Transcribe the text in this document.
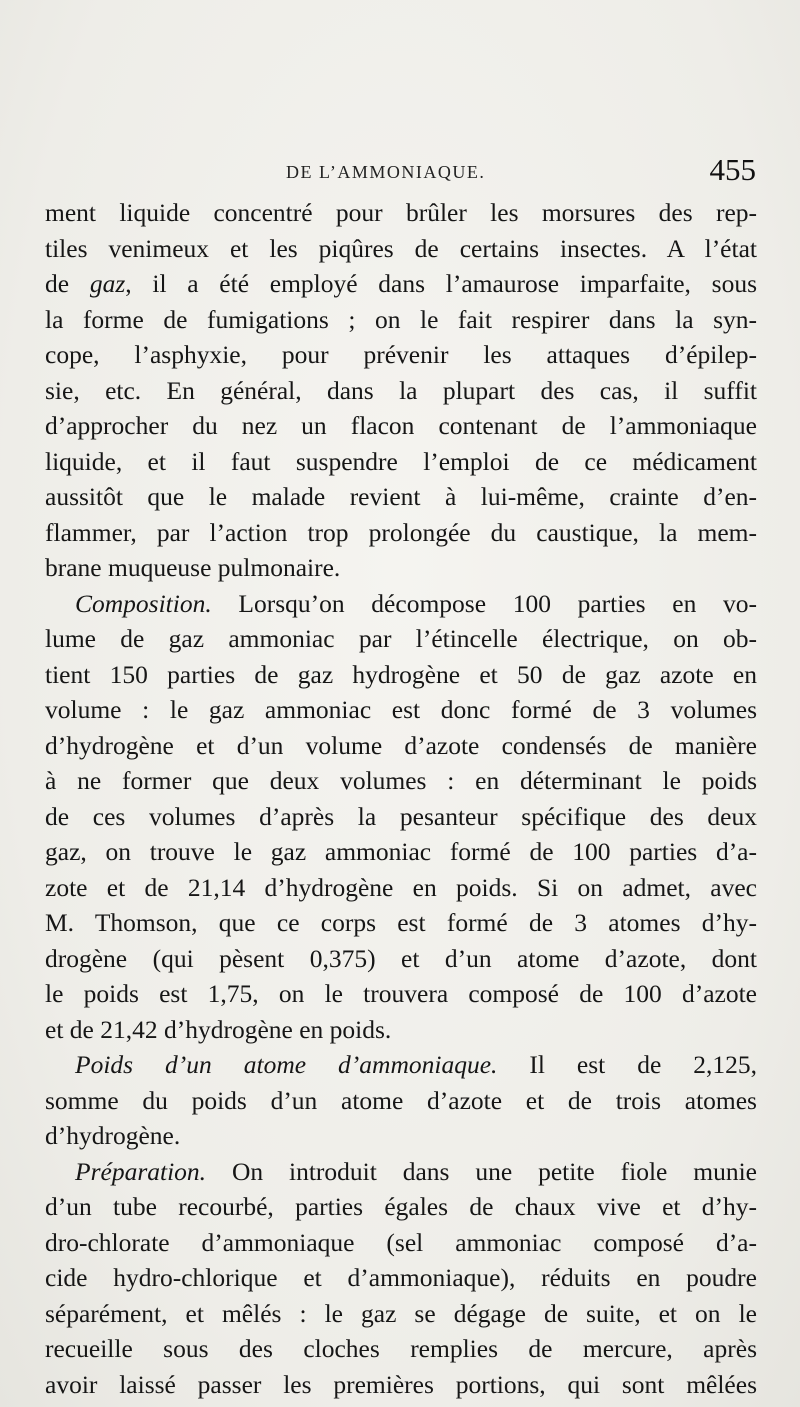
DE L’AMMONIAQUE.	455
ment liquide concentré pour brûler les morsures des rep-
tiles venimeux et les piqûres de certains insectes. A l’état
de gaz, il a été employé dans l’amaurose imparfaite, sous
la forme de fumigations ; on le fait respirer dans la syn-
cope, l’asphyxie, pour prévenir les attaques d’épilep-
sie, etc. En général, dans la plupart des cas, il suffit
d’approcher du nez un flacon contenant de l’ammoniaque
liquide, et il faut suspendre l’emploi de ce médicament
aussitôt que le malade revient à lui-même, crainte d’en-
flammer, par l’action trop prolongée du caustique, la mem-
brane muqueuse pulmonaire.
Composition. Lorsqu’on décompose 100 parties en vo-
lume de gaz ammoniac par l’étincelle électrique, on ob-
tient 150 parties de gaz hydrogène et 50 de gaz azote en
volume : le gaz ammoniac est donc formé de 3 volumes
d’hydrogène et d’un volume d’azote condensés de manière
à ne former que deux volumes : en déterminant le poids
de ces volumes d’après la pesanteur spécifique des deux
gaz, on trouve le gaz ammoniac formé de 100 parties d’a-
zote et de 21,14 d’hydrogène en poids. Si on admet, avec
M. Thomson, que ce corps est formé de 3 atomes d’hy-
drogène (qui pèsent 0,375) et d’un atome d’azote, dont
le poids est 1,75, on le trouvera composé de 100 d’azote
et de 21,42 d’hydrogène en poids.
Poids d’un atome d’ammoniaque. Il est de 2,125,
somme du poids d’un atome d’azote et de trois atomes
d’hydrogène.
Préparation. On introduit dans une petite fiole munie
d’un tube recourbé, parties égales de chaux vive et d’hy-
dro-chlorate d’ammoniaque (sel ammoniac composé d’a-
cide hydro-chlorique et d’ammoniaque), réduits en poudre
séparément, et mêlés : le gaz se dégage de suite, et on le
recueille sous des cloches remplies de mercure, après
avoir laissé passer les premières portions, qui sont mêlées
